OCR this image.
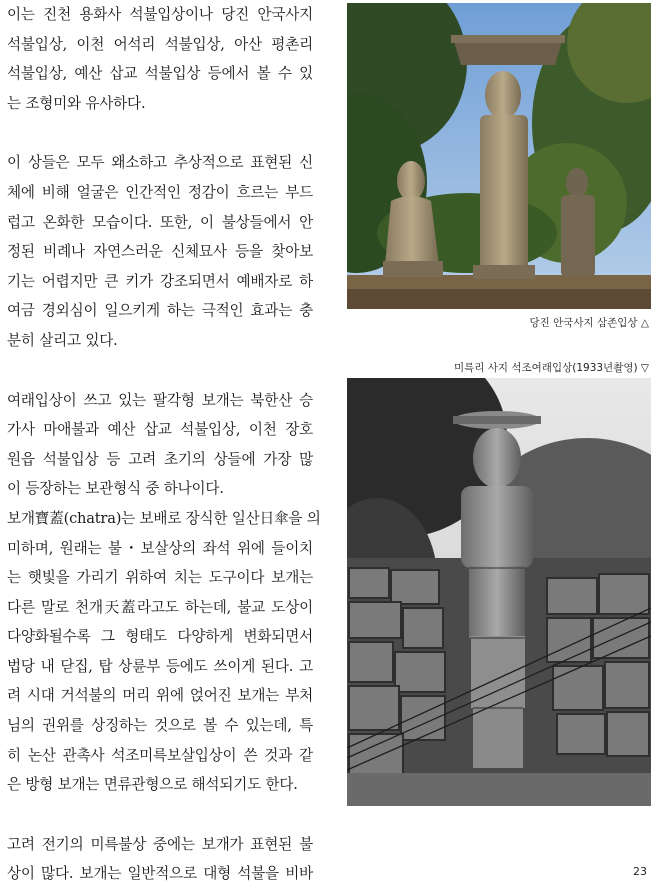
이는 진천 용화사 석불입상이나 당진 안국사지
석불입상, 이천 어석리 석불입상, 아산 평촌리
석불입상, 예산 삽교 석불입상 등에서 볼 수 있
는 조형미와 유사하다.

이 상들은 모두 왜소하고 추상적으로 표현된 신
체에 비해 얼굴은 인간적인 정감이 흐르는 부드
럽고 온화한 모습이다. 또한, 이 불상들에서 안
정된 비례나 자연스러운 신체묘사 등을 찾아보
기는 어렵지만 큰 키가 강조되면서 예배자로 하
여금 경외심이 일으키게 하는 극적인 효과는 충
분히 살리고 있다.

여래입상이 쓰고 있는 팔각형 보개는 북한산 승
가사 마애불과 예산 삽교 석불입상, 이천 장호
원읍 석불입상 등 고려 초기의 상들에 가장 많
이 등장하는 보관형식 중 하나이다.
보개寶蓋(chatra)는 보배로 장식한 일산日傘을 의
미하며, 원래는 불・보살상의 좌석 위에 들이치
는 햇빛을 가리기 위하여 치는 도구이다 보개는
다른 말로 천개天蓋라고도 하는데, 불교 도상이
다양화될수록 그 형태도 다양하게 변화되면서
법당 내 닫집, 탑 상륜부 등에도 쓰이게 된다. 고
려 시대 거석불의 머리 위에 얹어진 보개는 부처
님의 권위를 상징하는 것으로 볼 수 있는데, 특
히 논산 관촉사 석조미륵보살입상이 쓴 것과 같
은 방형 보개는 면류관형으로 해석되기도 한다.

고려 전기의 미륵불상 중에는 보개가 표현된 불
상이 많다. 보개는 일반적으로 대형 석불을 비바

당진 안국사지 삼존입상 △
미륵리 사지 석조여래입상(1933년촬영) ▽
23
